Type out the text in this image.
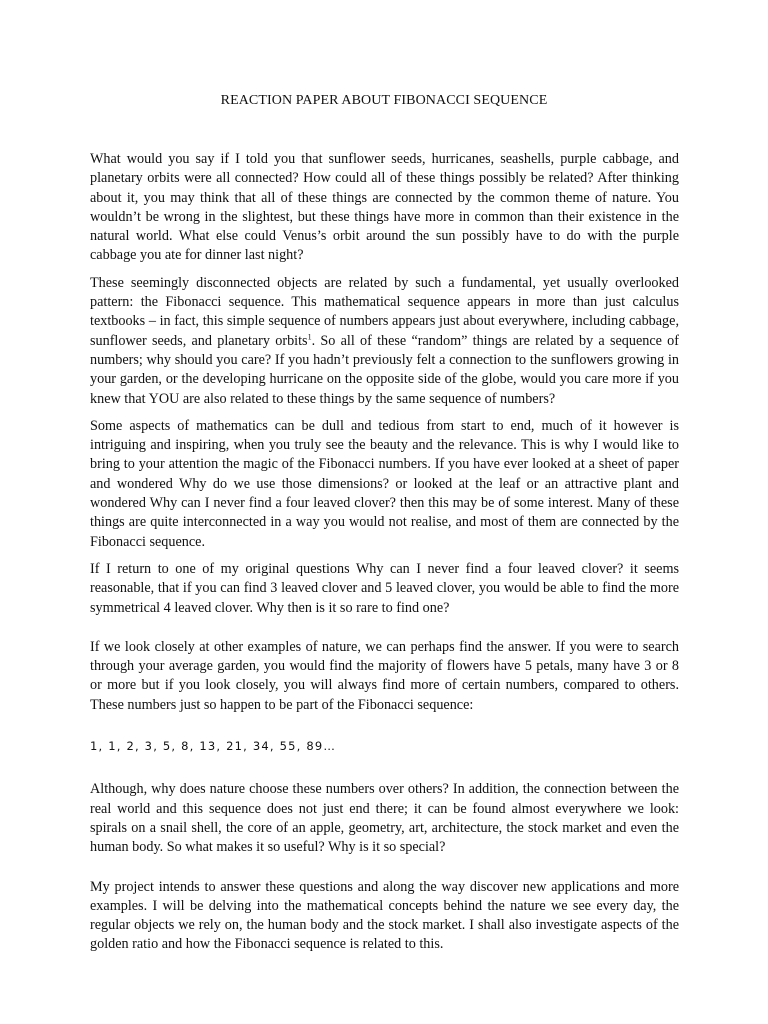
REACTION PAPER ABOUT FIBONACCI SEQUENCE

What would you say if I told you that sunflower seeds, hurricanes, seashells, purple cabbage, and planetary orbits were all connected? How could all of these things possibly be related? After thinking about it, you may think that all of these things are connected by the common theme of nature. You wouldn’t be wrong in the slightest, but these things have more in common than their existence in the natural world. What else could Venus’s orbit around the sun possibly have to do with the purple cabbage you ate for dinner last night?

These seemingly disconnected objects are related by such a fundamental, yet usually overlooked pattern: the Fibonacci sequence. This mathematical sequence appears in more than just calculus textbooks – in fact, this simple sequence of numbers appears just about everywhere, including cabbage, sunflower seeds, and planetary orbits$^1$. So all of these “random” things are related by a sequence of numbers; why should you care? If you hadn’t previously felt a connection to the sunflowers growing in your garden, or the developing hurricane on the opposite side of the globe, would you care more if you knew that YOU are also related to these things by the same sequence of numbers?

Some aspects of mathematics can be dull and tedious from start to end, much of it however is intriguing and inspiring, when you truly see the beauty and the relevance. This is why I would like to bring to your attention the magic of the Fibonacci numbers. If you have ever looked at a sheet of paper and wondered Why do we use those dimensions? or looked at the leaf or an attractive plant and wondered Why can I never find a four leaved clover? then this may be of some interest. Many of these things are quite interconnected in a way you would not realise, and most of them are connected by the Fibonacci sequence.

If I return to one of my original questions Why can I never find a four leaved clover? it seems reasonable, that if you can find 3 leaved clover and 5 leaved clover, you would be able to find the more symmetrical 4 leaved clover. Why then is it so rare to find one?

If we look closely at other examples of nature, we can perhaps find the answer. If you were to search through your average garden, you would find the majority of flowers have 5 petals, many have 3 or 8 or more but if you look closely, you will always find more of certain numbers, compared to others. These numbers just so happen to be part of the Fibonacci sequence:

1, 1, 2, 3, 5, 8, 13, 21, 34, 55, 89…

Although, why does nature choose these numbers over others? In addition, the connection between the real world and this sequence does not just end there; it can be found almost everywhere we look: spirals on a snail shell, the core of an apple, geometry, art, architecture, the stock market and even the human body. So what makes it so useful? Why is it so special?

My project intends to answer these questions and along the way discover new applications and more examples. I will be delving into the mathematical concepts behind the nature we see every day, the regular objects we rely on, the human body and the stock market. I shall also investigate aspects of the golden ratio and how the Fibonacci sequence is related to this.
